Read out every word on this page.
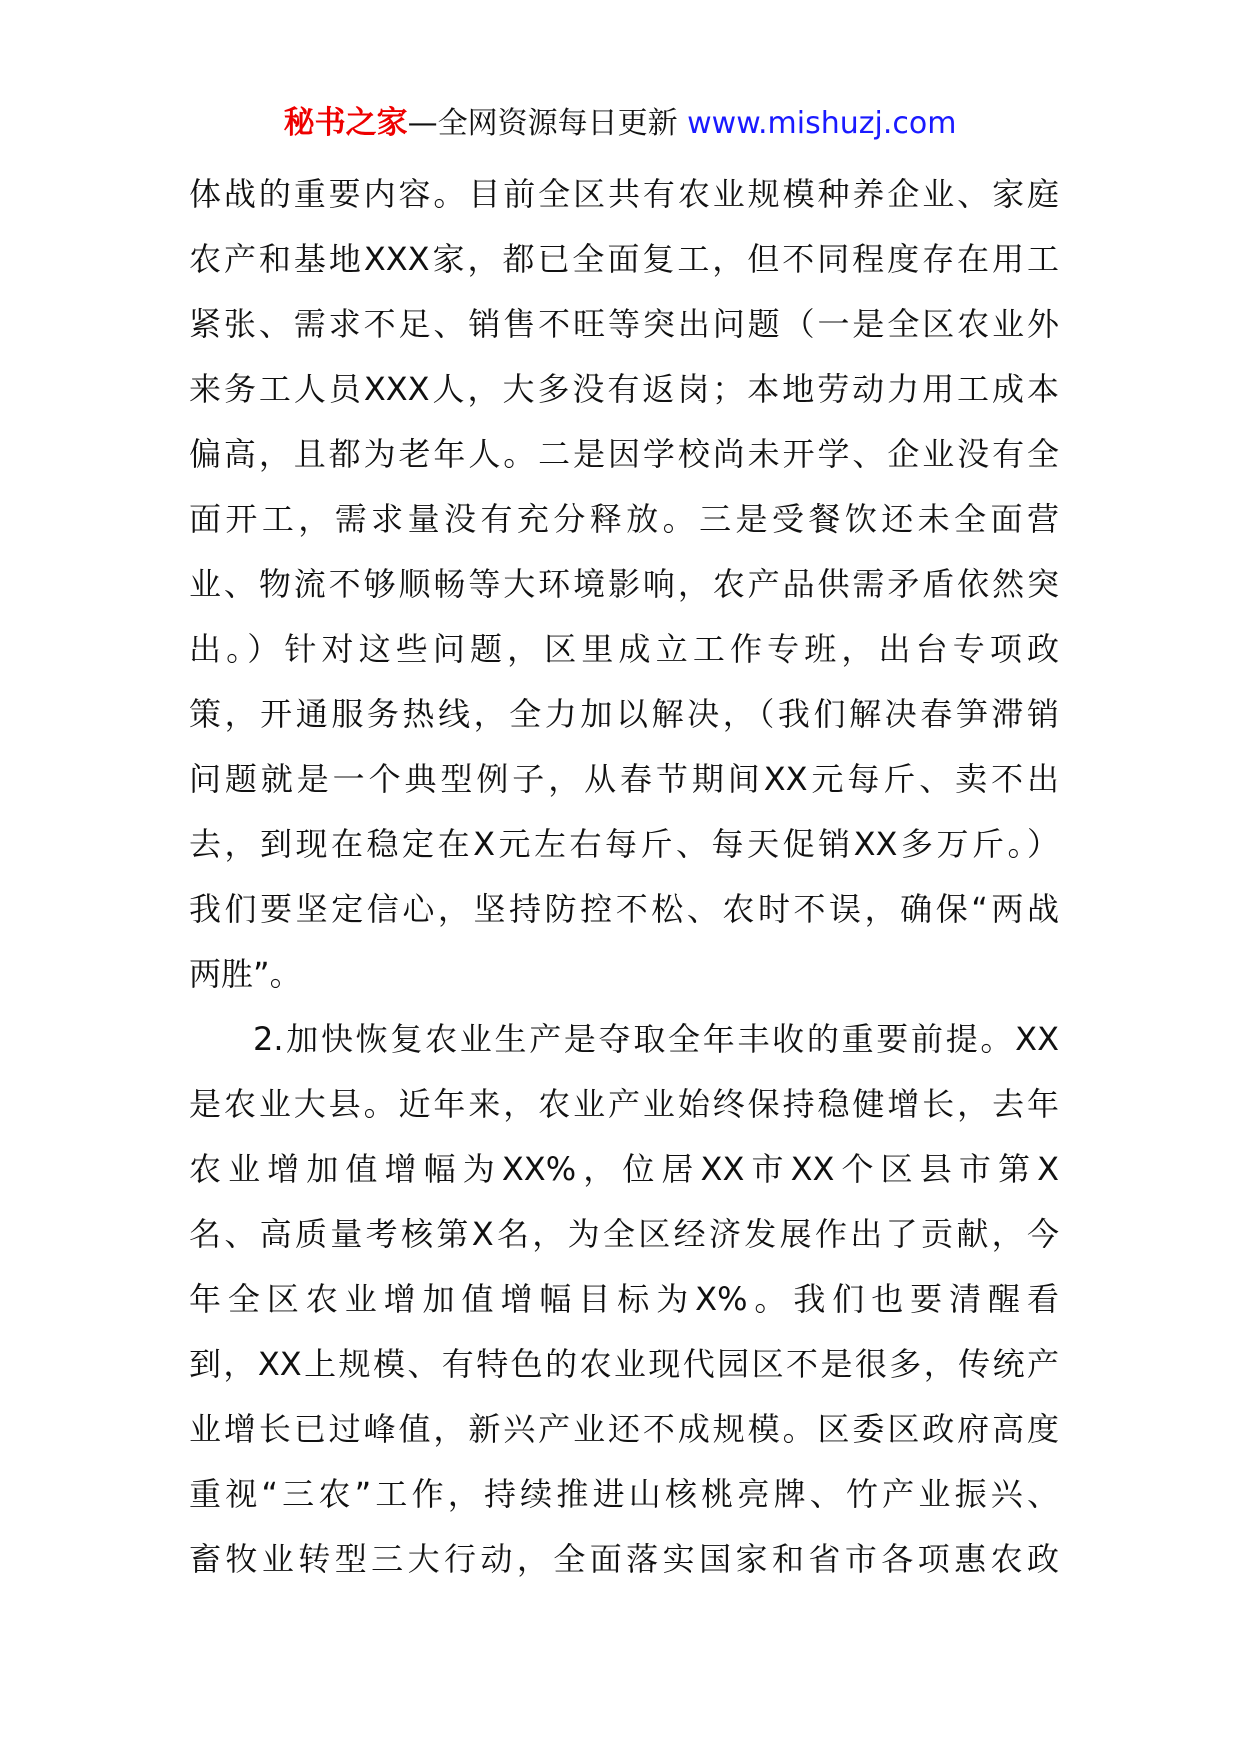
秘书之家—全网资源每日更新 www.mishuzj.com
体战的重要内容。目前全区共有农业规模种养企业、家庭
农产和基地XXX家，都已全面复工，但不同程度存在用工
紧张、需求不足、销售不旺等突出问题（一是全区农业外
来务工人员XXX人，大多没有返岗；本地劳动力用工成本
偏高，且都为老年人。二是因学校尚未开学、企业没有全
面开工，需求量没有充分释放。三是受餐饮还未全面营
业、物流不够顺畅等大环境影响，农产品供需矛盾依然突
出。）针对这些问题，区里成立工作专班，出台专项政
策，开通服务热线，全力加以解决，（我们解决春笋滞销
问题就是一个典型例子，从春节期间XX元每斤、卖不出
去，到现在稳定在X元左右每斤、每天促销XX多万斤。）
我们要坚定信心，坚持防控不松、农时不误，确保“两战
两胜”。
2.加快恢复农业生产是夺取全年丰收的重要前提。XX
是农业大县。近年来，农业产业始终保持稳健增长，去年
农业增加值增幅为XX%，位居XX市XX个区县市第X
名、高质量考核第X名，为全区经济发展作出了贡献，今
年全区农业增加值增幅目标为X%。我们也要清醒看
到，XX上规模、有特色的农业现代园区不是很多，传统产
业增长已过峰值，新兴产业还不成规模。区委区政府高度
重视“三农”工作，持续推进山核桃亮牌、竹产业振兴、
畜牧业转型三大行动，全面落实国家和省市各项惠农政
